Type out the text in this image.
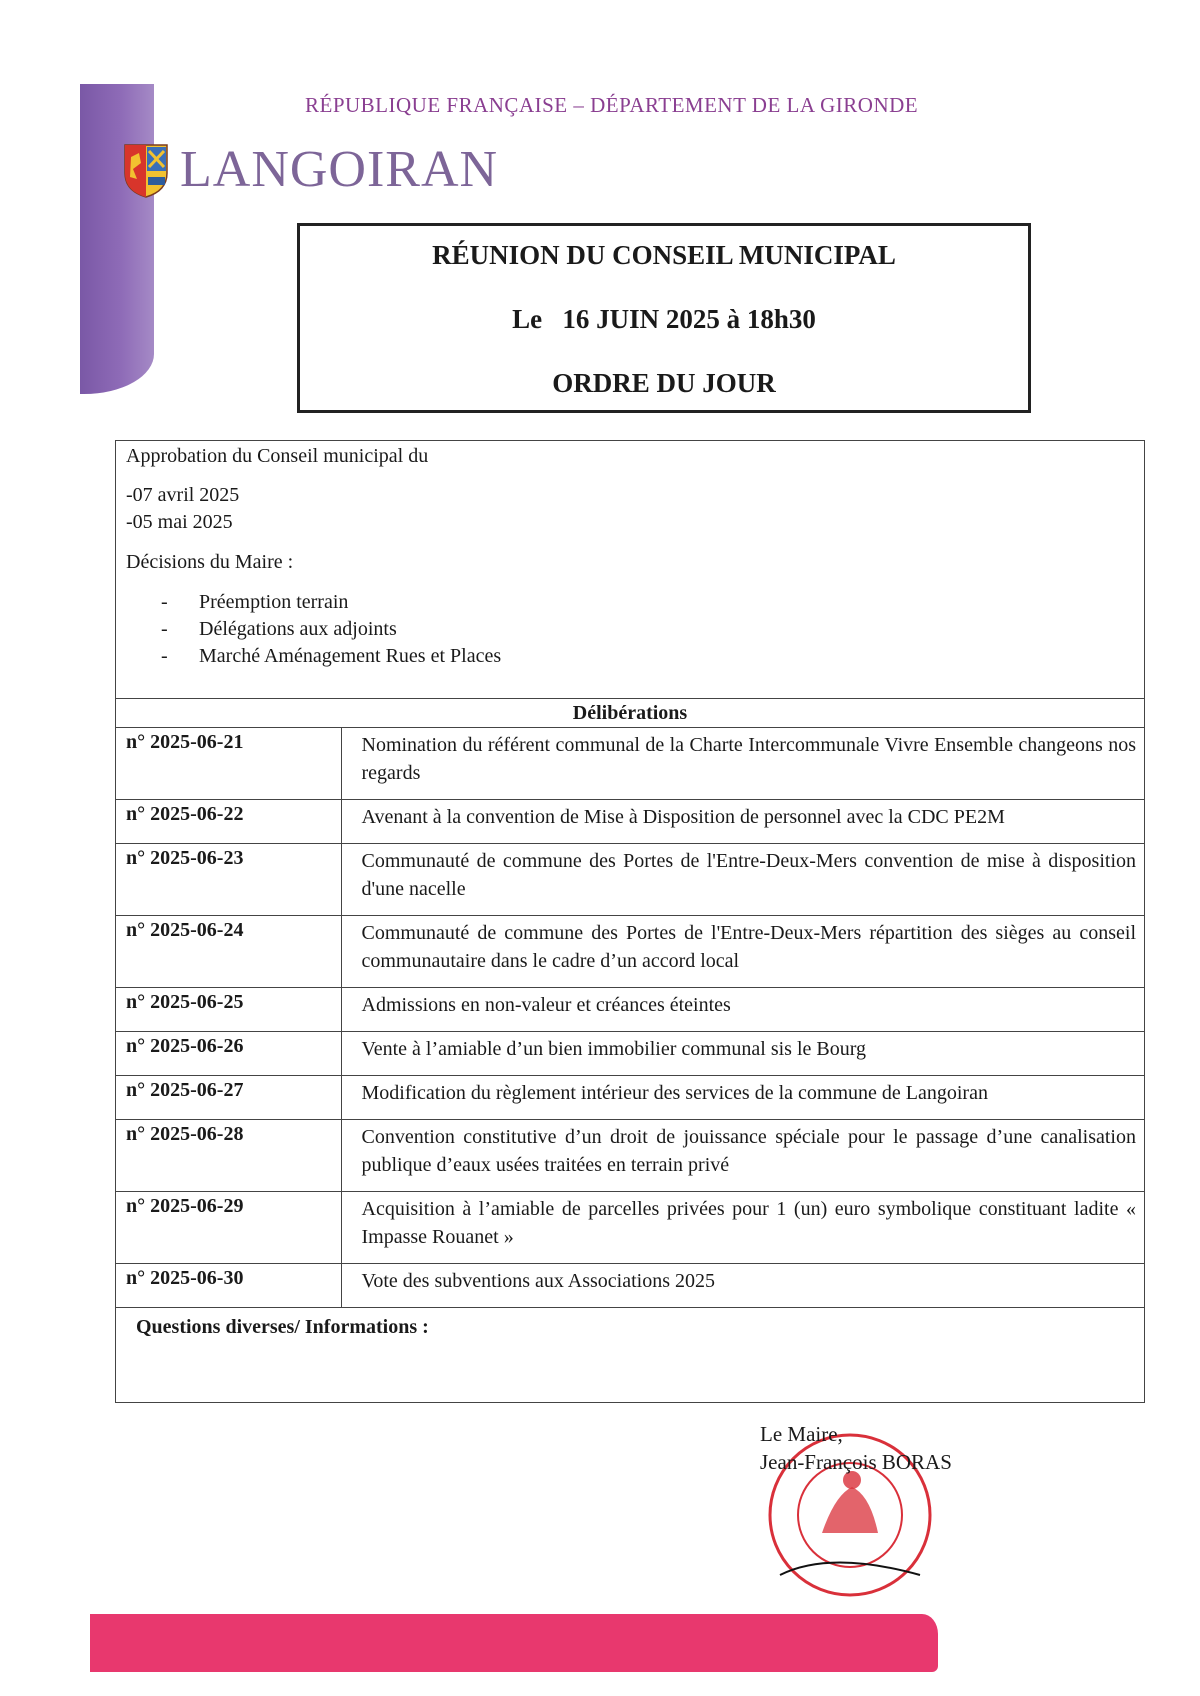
RÉPUBLIQUE FRANÇAISE – DÉPARTEMENT DE LA GIRONDE
LANGOIRAN
RÉUNION DU CONSEIL MUNICIPAL
Le   16 JUIN 2025 à 18h30
ORDRE DU JOUR
Approbation du Conseil municipal du
-07 avril 2025
-05 mai 2025
Décisions du Maire :
- Préemption terrain
- Délégations aux adjoints
- Marché Aménagement Rues et Places
Délibérations	
n° 2025-06-21	Nomination du référent communal de la Charte Intercommunale Vivre Ensemble changeons nos regards
n° 2025-06-22	Avenant à la convention de Mise à Disposition de personnel avec la CDC PE2M
n° 2025-06-23	Communauté de commune des Portes de l'Entre-Deux-Mers convention de mise à disposition d'une nacelle
n° 2025-06-24	Communauté de commune des Portes de l'Entre-Deux-Mers répartition des sièges au conseil communautaire dans le cadre d’un accord local
n° 2025-06-25	Admissions en non-valeur et créances éteintes
n° 2025-06-26	Vente à l’amiable d’un bien immobilier communal sis le Bourg
n° 2025-06-27	Modification du règlement intérieur des services de la commune de Langoiran
n° 2025-06-28	Convention constitutive d’un droit de jouissance spéciale pour le passage d’une canalisation publique d’eaux usées traitées en terrain privé
n° 2025-06-29	Acquisition à l’amiable de parcelles privées pour 1 (un) euro symbolique constituant ladite « Impasse Rouanet »
n° 2025-06-30	Vote des subventions aux Associations 2025
Questions diverses/ Informations :
Le Maire,
Jean-François BORAS
